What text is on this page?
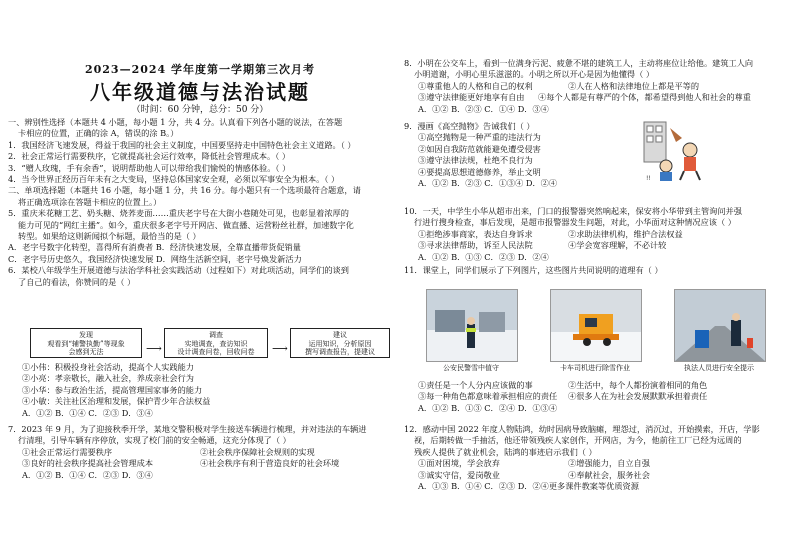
2023—2024 学年度第一学期第三次月考

八年级道德与法治试题

（时间：60 分钟，总分：50 分）

一、辨别性选择（本题共 4 小题，每小题 1 分，共 4 分。认真看下列各小题的说法，在答题

卡相应的位置，正确的涂 A，错误的涂 B。）

1．我国经济飞速发展，得益于我国的社会主义制度，中国要坚持走中国特色社会主义道路。（ ）

2．社会正常运行需要秩序，它就提高社会运行效率，降低社会管理成本。（ ）

3．“赠人玫瑰，手有余香”，说明帮助他人可以带给我们愉悦的情感体验。（ ）

4．当今世界正经历百年未有之大变局，坚持总体国家安全观，必须以军事安全为根本。（ ）

二、单项选择题（本题共 16 小题，每小题 1 分，共 16 分。每小题只有一个选项最符合题意，请

将正确选项涂在答题卡相应的位置上。）

5．重庆米花糖工艺、奶头糖、烧荞麦面……重庆老字号在大街小巷随处可见，也彰显着浓厚的

能力可见的“网红主播”。如今，重庆很多老字号开网店、做直播、运营粉丝社群，加速数字化

转型。如果给这则新闻拟个标题，最恰当的是（ ）

A．老字号数字化转型，喜得所有消费者 B．经济快速发展，全靠直播带货促销量

C．老字号历史悠久，我国经济快速发展 D．网络生活新空间，老字号焕发新活力

6．某校八年级学生开展道德与法治学科社会实践活动（过程如下）对此项活动，同学们的谈到

了自己的看法，你赞同的是（ ）

发现
观看到“辅警执勤”等现象
会感到无法	⟶
调查
实地调查，查访知识
设计调查问卷，回收问卷	⟶
建议
运用知识，分析原因
撰写调查报告，提建议

①小伟：积极投身社会活动，提高个人实践能力

②小亮：孝亲敬长，融入社会，养成亲社会行为

③小华：参与政治生活，提高管理国家事务的能力

④小敏：关注社区治理和发展，保护青少年合法权益

A．①② B．①④ C．②③ D．③④

7．2023 年 9 月，为了迎接秋季开学，某地交警积极对学生接送车辆进行梳理，并对违法的车辆进

行清理，引导车辆有序停放，实现了校门前的安全畅通，这充分体现了（ ）

①社会正常运行需要秩序	②社会秩序保障社会规则的实现

③良好的社会秩序提高社会管理成本	④社会秩序有利于营造良好的社会环境

A．①② B．①④ C．②③ D．③④

8．小明在公交车上，看到一位满身污泥、疲惫不堪的建筑工人，主动将座位让给他。建筑工人向

小明道谢，小明心里乐滋滋的。小明之所以开心是因为他懂得（ ）

①尊重他人的人格和自己的权利	②人在人格和法律地位上都是平等的

③遵守法律能更好地享有自由 ④每个人都是有尊严的个体，都希望得到他人和社会的尊重

A．①② B．②③ C．①④ D．③④

9．漫画《高空抛物》告诫我们（ ）

①高空抛物是一种严重的违法行为

②如因自我防范就能避免遭受侵害

③遵守法律法规，杜绝不良行为

④要提高思想道德修养，举止文明

A．①② B．②③ C．①③④ D．②④	!!

10．一天，中学生小华从超市出来，门口的报警器突然响起来，保安将小华带到主管询问并强

行进行搜身检查，事后发现，是超市报警器发生问题，对此，小华面对这种情况应该（ ）

①拒绝涉事商家，表达自身诉求	②求助法律机构，维护合法权益

③寻求法律帮助，诉至人民法院	④学会宽容理解，不必计较

A．①② B．①③ C．②③ D．②④

11．课堂上，同学们展示了下列图片，这些图片共同说明的道理有（ ）

公安民警雪中值守	卡车司机进行除雪作业	执法人员进行安全提示

①责任是一个人分内应该做的事	②生活中，每个人都扮演着相同的角色

③每一种角色都意味着承担相应的责任 ④很多人在为社会发展默默承担着责任

A．①② B．①③ C．②④ D．①③④

12．感动中国 2022 年度人物陆鸿，幼时因病导致脑瘫，埋怨过，消沉过，开始摸索，开店，学影

视，后期转做一手抽活，他还带领残疾人家创作，开网店，为今，他前往工厂已经为远周的

残疾人提供了就业机会，陆鸿的事迹启示我们（ ）

①面对困境，学会放弃	②增强能力，自立自强

③诚实守信，爱岗敬业	④奉献社会，服务社会

A．①③ B．①④ C．②③ D．②④更多课件教案等优质资源
